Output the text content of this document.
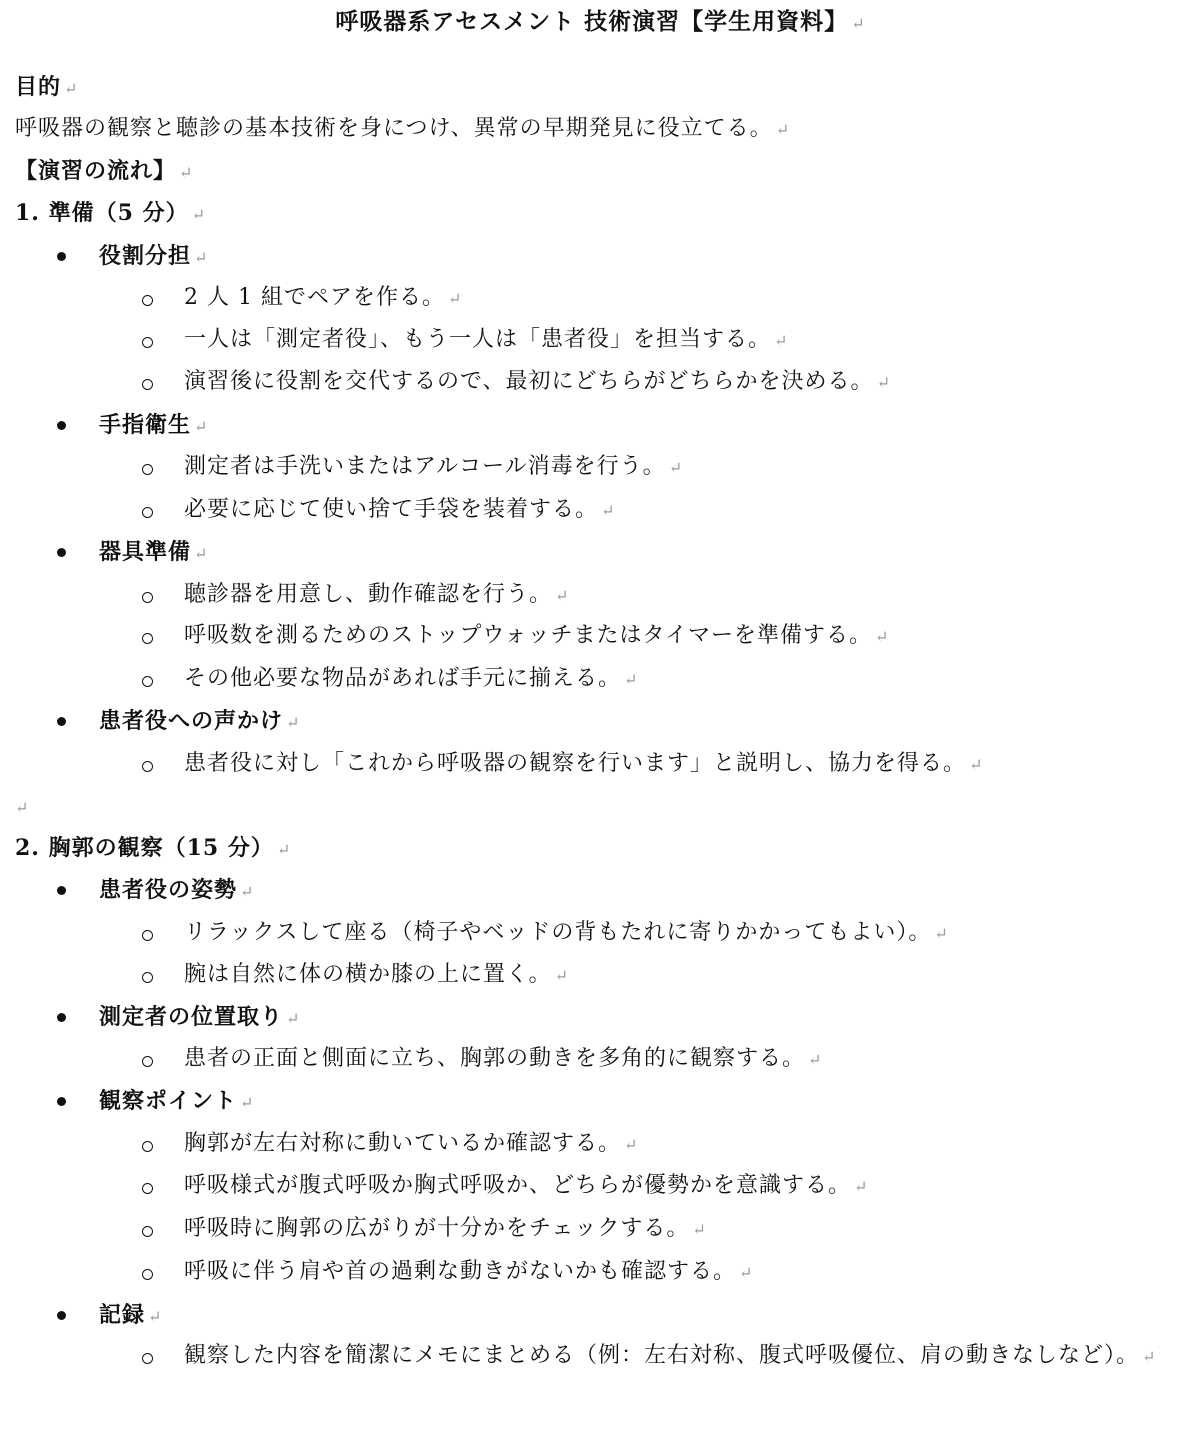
呼吸器系アセスメント 技術演習【学生用資料】 ↵
目的 ↵
呼吸器の観察と聴診の基本技術を身につけ、異常の早期発見に役立てる。 ↵
【演習の流れ】 ↵
1. 準備（5 分） ↵
役割分担 ↵
2 人 1 組でペアを作る。 ↵
一人は「測定者役」、もう一人は「患者役」を担当する。 ↵
演習後に役割を交代するので、最初にどちらがどちらかを決める。 ↵
手指衛生 ↵
測定者は手洗いまたはアルコール消毒を行う。 ↵
必要に応じて使い捨て手袋を装着する。 ↵
器具準備 ↵
聴診器を用意し、動作確認を行う。 ↵
呼吸数を測るためのストップウォッチまたはタイマーを準備する。 ↵
その他必要な物品があれば手元に揃える。 ↵
患者役への声かけ ↵
患者役に対し「これから呼吸器の観察を行います」と説明し、協力を得る。 ↵
↵
2. 胸郭の観察（15 分） ↵
患者役の姿勢 ↵
リラックスして座る（椅子やベッドの背もたれに寄りかかってもよい）。 ↵
腕は自然に体の横か膝の上に置く。 ↵
測定者の位置取り ↵
患者の正面と側面に立ち、胸郭の動きを多角的に観察する。 ↵
観察ポイント ↵
胸郭が左右対称に動いているか確認する。 ↵
呼吸様式が腹式呼吸か胸式呼吸か、どちらが優勢かを意識する。 ↵
呼吸時に胸郭の広がりが十分かをチェックする。 ↵
呼吸に伴う肩や首の過剰な動きがないかも確認する。 ↵
記録 ↵
観察した内容を簡潔にメモにまとめる（例：左右対称、腹式呼吸優位、肩の動きなしなど）。 ↵
